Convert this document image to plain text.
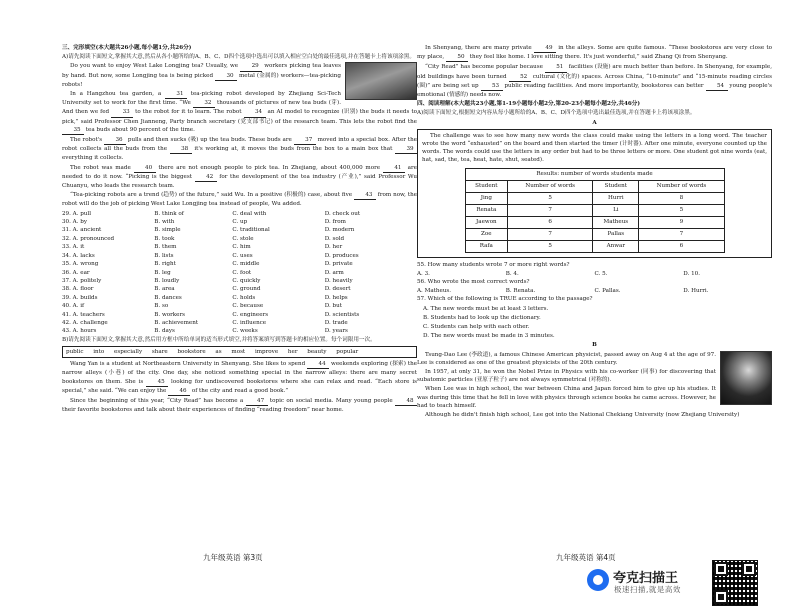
三、完形填空(本大题共26小题,每小题1分,共26分)

A)请先阅读下面短文,掌握其大意,然后从各小题所给的A、B、C、D四个选项中选出可以填入相应空白处的最佳选项,并在答题卡上将该项涂黑。

Do you want to enjoy West Lake Longjing tea? Usually, we 29 workers picking tea leaves by hand. But now, some Longjing tea is being picked 30 metal (金属的) workers—tea-picking robots!

In a Hangzhou tea garden, a 31 tea-picking robot developed by Zhejiang Sci-Tech University set to work for the first time. “We 32 thousands of pictures of new tea buds (芽). And then we fed 33 to the robot for it to learn. The robot 34 an AI model to recognize (识别) the buds it needs to pick,” said Professor Chen Jianneng, Party branch secretary (党支部书记) of the research team. This lets the robot find the 35 tea buds about 90 percent of the time.

The robot's 36 pulls and then sucks (吸) up the tea buds. These buds are 37 moved into a special box. After the robot collects all the buds from the 38 it's working at, it moves the buds from the box to a main box that 39 everything it collects.

The robot was made 40 there are not enough people to pick tea. In Zhejiang, about 400,000 more 41 are needed to do it now. “Picking is the biggest 42 for the development of the tea industry (产业),” said Professor Wu Chuanyu, who leads the research team.

“Tea-picking robots are a trend (趋势) of the future,” said Wu. In a positive (积极的) case, about five 43 from now, the robot will do the job of picking West Lake Longjing tea instead of people, Wu added.

29. A. pull	B. think of	C. deal with	D. check out
30. A. by	B. with	C. up	D. from
31. A. ancient	B. simple	C. traditional	D. modern
32. A. pronounced	B. took	C. stole	D. sold
33. A. it	B. them	C. him	D. her
34. A. lacks	B. lists	C. uses	D. produces
35. A. wrong	B. right	C. middle	D. private
36. A. ear	B. leg	C. foot	D. arm
37. A. politely	B. loudly	C. quickly	D. heavily
38. A. floor	B. area	C. ground	D. desert
39. A. builds	B. dances	C. holds	D. helps
40. A. if	B. so	C. because	D. but
41. A. teachers	B. workers	C. engineers	D. scientists
42. A. challenge	B. achievement	C. influence	D. trade
43. A. hours	B. days	C. weeks	D. years

B)请先阅读下面短文,掌握其大意,然后用方框中所给单词的适当形式填空,并将答案填写到答题卡的相应位置。每个词限用一次。

public into especially share bookstore as most improve her beauty popular

Wang Yan is a student at Northeastern University in Shenyang. She likes to spend 44 weekends exploring (探索) the narrow alleys (小巷) of the city. One day, she noticed something special in the narrow alleys: there are many secret bookstores on them. She is 45 looking for undiscovered bookstores where she can relax and read. “Each store is special,” she said. “We can enjoy the 46 of the city and read a good book.”

Since the beginning of this year, “City Read” has become a 47 topic on social media. Many young people 48 their favorite bookstores and talk about their experiences of finding “reading freedom” near home.

九年级英语 第3页

In Shenyang, there are many private 49 in the alleys. Some are quite famous. “These bookstores are very close to my place, 50 they feel like home. I love sitting there. It's just wonderful,” said Zhang Qi from Shenyang.

“City Read” has become popular because 51 facilities (设施) are much better than before. In Shenyang, for example, old buildings have been turned 52 cultural (文化的) spaces. Across China, “10-minute” and “15-minute reading circles (圈)” are being set up 53 public reading facilities. And more importantly, bookstores can better 54 young people's emotional (情感的) needs now.

四、阅读理解(本大题共23小题,第1-19小题每小题2分,第20-23小题每小题2分,共46分)

A)阅读下面短文,根据短文内容从每小题所给的A、B、C、D四个选项中选出最佳选项,并在答题卡上将该项涂黑。

A

The challenge was to see how many new words the class could make using the letters in a long word. The teacher wrote the word “exhausted” on the board and then started the timer (计时器). After one minute, everyone counted up the words. The words could use the letters in any order but had to be three letters or more. One student got nine words (eat, hat, sad, the, tea, heat, hate, shut, seated).

Results: number of words students made			
Student	Number of words	Student	Number of words
Jing	5	Hurri	8
Renata	7	Li	5
Jaewon	6	Matheus	9
Zoe	7	Pallas	7
Rafa	5	Anwar	6

55. How many students wrote 7 or more right words?

A. 3.	B. 4.	C. 5.	D. 10.

56. Who wrote the most correct words?

A. Matheus.	B. Renata.	C. Pallas.	D. Hurri.

57. Which of the following is TRUE according to the passage?

A. The new words must be at least 3 letters.

B. Students had to look up the dictionary.

C. Students can help with each other.

D. The new words must be made in 3 minutes.

B

Tsung-Dao Lee (李政道), a famous Chinese American physicist, passed away on Aug 4 at the age of 97. Lee is considered as one of the greatest physicists of the 20th century.

In 1957, at only 31, he won the Nobel Prize in Physics with his co-worker (同事) for discovering that subatomic particles (亚原子粒子) are not always symmetrical (对称的).

When Lee was in high school, the war between China and Japan forced him to give up his studies. It was during this time that he fell in love with physics through science books he came across. However, he had to teach himself.

Although he didn't finish high school, Lee got into the National Chekiang University (now Zhejiang University)

九年级英语 第4页
夸克扫描王
极速扫描,就是高效
